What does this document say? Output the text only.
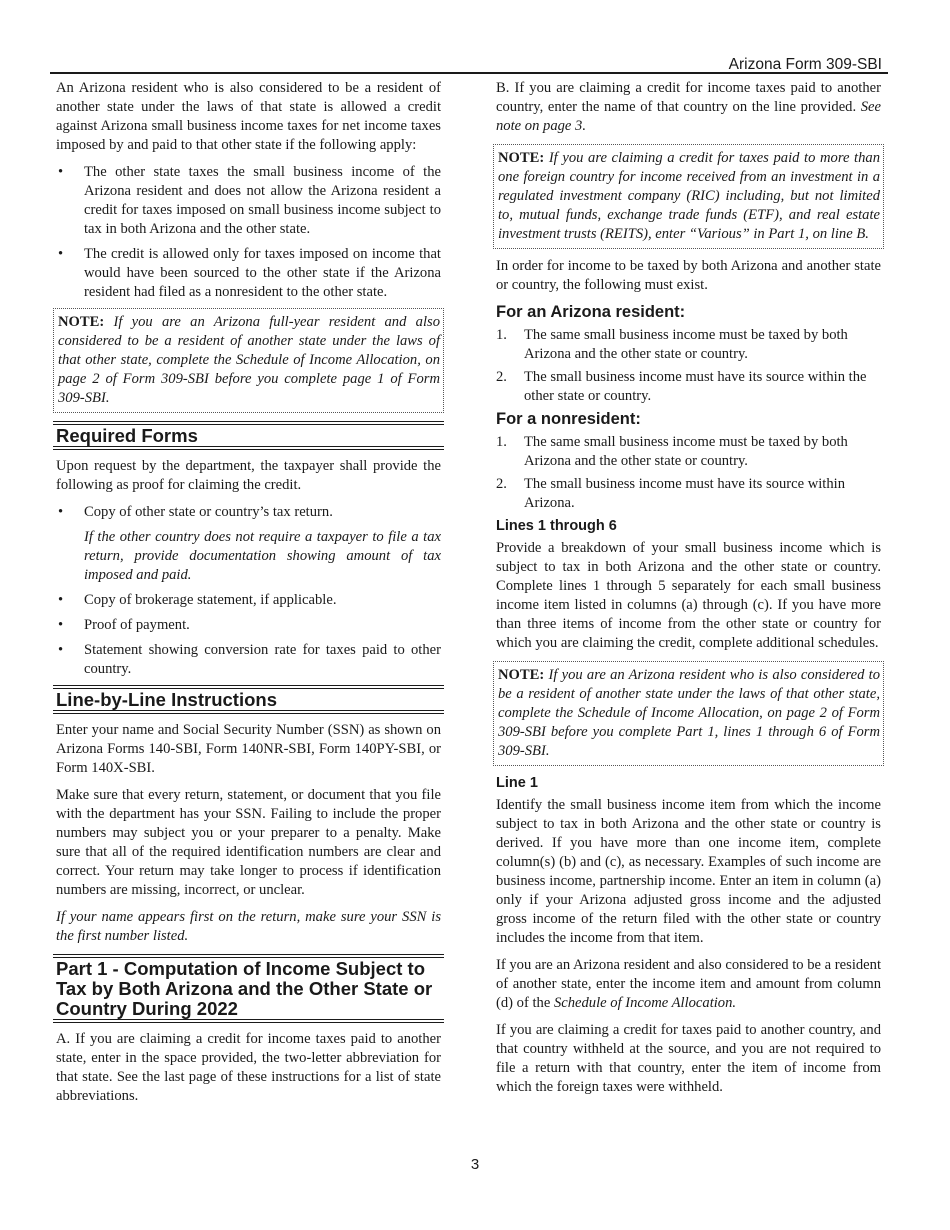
Arizona Form 309-SBI

An Arizona resident who is also considered to be a resident of another state under the laws of that state is allowed a credit against Arizona small business income taxes for net income taxes imposed by and paid to that other state if the following apply:

• The other state taxes the small business income of the Arizona resident and does not allow the Arizona resident a credit for taxes imposed on small business income subject to tax in both Arizona and the other state.
• The credit is allowed only for taxes imposed on income that would have been sourced to the other state if the Arizona resident had filed as a nonresident to the other state.
NOTE: If you are an Arizona full-year resident and also considered to be a resident of another state under the laws of that other state, complete the Schedule of Income Allocation, on page 2 of Form 309-SBI before you complete page 1 of Form 309-SBI.
Required Forms

Upon request by the department, the taxpayer shall provide the following as proof for claiming the credit.

• Copy of other state or country’s tax return.
If the other country does not require a taxpayer to file a tax return, provide documentation showing amount of tax imposed and paid.
• Copy of brokerage statement, if applicable.
• Proof of payment.
• Statement showing conversion rate for taxes paid to other country.
Line-by-Line Instructions

Enter your name and Social Security Number (SSN) as shown on Arizona Forms 140-SBI, Form 140NR-SBI, Form 140PY-SBI, or Form 140X-SBI.

Make sure that every return, statement, or document that you file with the department has your SSN. Failing to include the proper numbers may subject you or your preparer to a penalty. Make sure that all of the required identification numbers are clear and correct. Your return may take longer to process if identification numbers are missing, incorrect, or unclear.

If your name appears first on the return, make sure your SSN is the first number listed.

Part 1 - Computation of Income Subject to Tax by Both Arizona and the Other State or Country During 2022

A. If you are claiming a credit for income taxes paid to another state, enter in the space provided, the two-letter abbreviation for that state. See the last page of these instructions for a list of state abbreviations.

B. If you are claiming a credit for income taxes paid to another country, enter the name of that country on the line provided. See note on page 3.

NOTE: If you are claiming a credit for taxes paid to more than one foreign country for income received from an investment in a regulated investment company (RIC) including, but not limited to, mutual funds, exchange trade funds (ETF), and real estate investment trusts (REITS), enter “Various” in Part 1, on line B.

In order for income to be taxed by both Arizona and another state or country, the following must exist.

For an Arizona resident:
1. The same small business income must be taxed by both Arizona and the other state or country.
2. The small business income must have its source within the other state or country.
For a nonresident:
1. The same small business income must be taxed by both Arizona and the other state or country.
2. The small business income must have its source within Arizona.
Lines 1 through 6

Provide a breakdown of your small business income which is subject to tax in both Arizona and the other state or country. Complete lines 1 through 5 separately for each small business income item listed in columns (a) through (c). If you have more than three items of income from the other state or country for which you are claiming the credit, complete additional schedules.

NOTE: If you are an Arizona resident who is also considered to be a resident of another state under the laws of that other state, complete the Schedule of Income Allocation, on page 2 of Form 309-SBI before you complete Part 1, lines 1 through 6 of Form 309-SBI.
Line 1

Identify the small business income item from which the income subject to tax in both Arizona and the other state or country is derived. If you have more than one income item, complete column(s) (b) and (c), as necessary. Examples of such income are business income, partnership income. Enter an item in column (a) only if your Arizona adjusted gross income and the adjusted gross income of the return filed with the other state or country includes the income from that item.

If you are an Arizona resident and also considered to be a resident of another state, enter the income item and amount from column (d) of the Schedule of Income Allocation.

If you are claiming a credit for taxes paid to another country, and that country withheld at the source, and you are not required to file a return with that country, enter the item of income from which the foreign taxes were withheld.

3
